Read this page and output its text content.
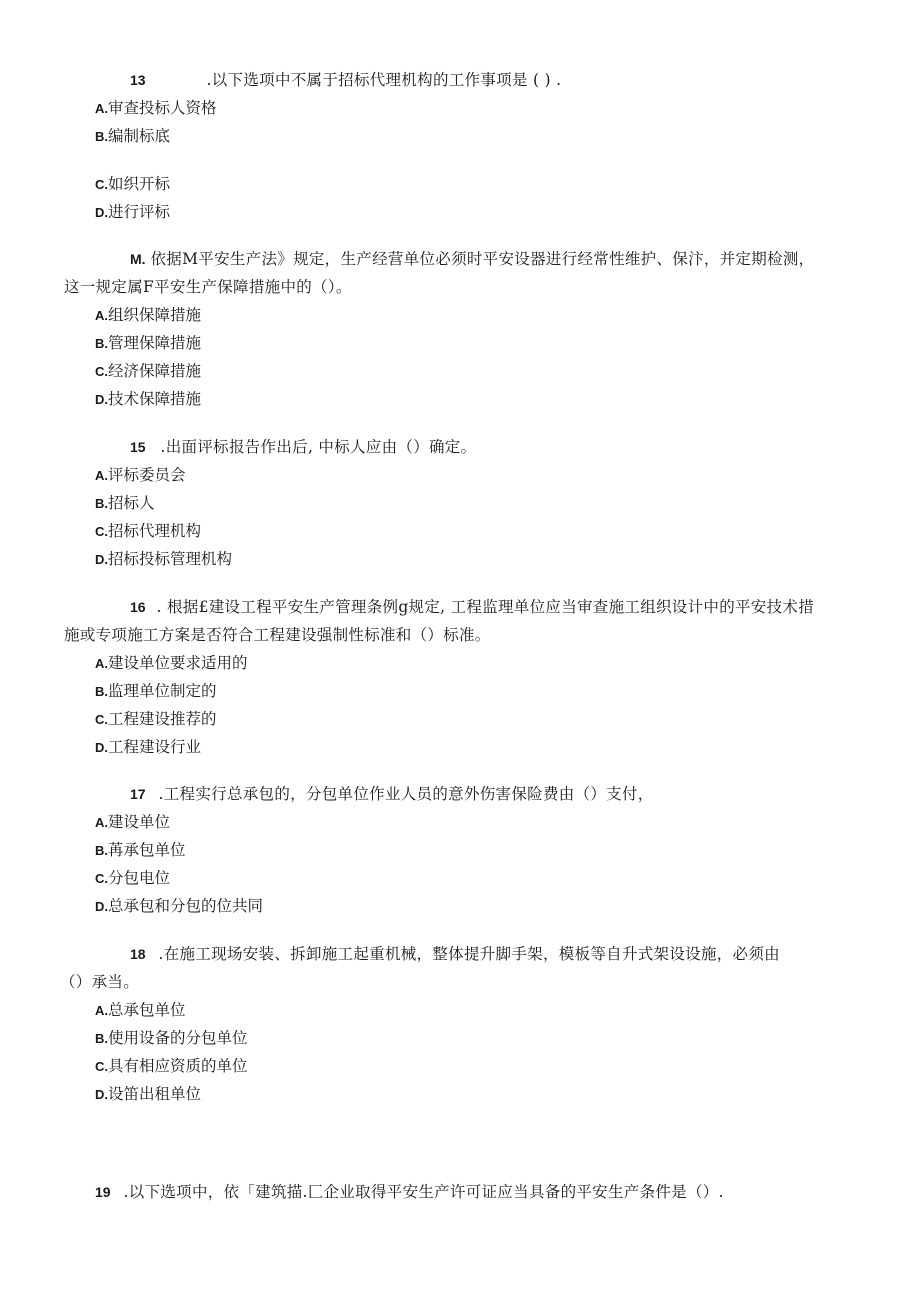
13	.以下选项中不属于招标代理机构的工作事项是 ( ) .
A.审查投标人资格
B.编制标底
C.如织开标
D.进行评标
M. 依据M平安生产法》规定，生产经营单位必须时平安设器进行经常性维护、保汴，并定期检测，
这一规定属F平安生产保障措施中的（）。
A.组织保障措施
B.管理保障措施
C.经济保障措施
D.技术保障措施
15 .出面评标报告作出后, 中标人应由（）确定。
A.评标委员会
B.招标人
C.招标代理机构
D.招标投标管理机构
16 . 根据£建设工程平安生产管理条例g规定, 工程监理单位应当审查施工组织设计中的平安技术措
施或专项施工方案是否符合工程建设强制性标准和（）标准。
A.建设单位要求适用的
B.监理单位制定的
C.工程建设推荐的
D.工程建设行业
17 .工程实行总承包的，分包单位作业人员的意外伤害保险费由（）支付，
A.建设单位
B.苒承包单位
C.分包电位
D.总承包和分包的位共同
18 .在施工现场安装、拆卸施工起重机械，整体提升脚手架，模板等自升式架设设施，必须由
（）承当。
A.总承包单位
B.使用设备的分包单位
C.具有相应资质的单位
D.设笛出租单位
19 .以下选项中，依「建筑描.匚企业取得平安生产许可证应当具备的平安生产条件是（）.
